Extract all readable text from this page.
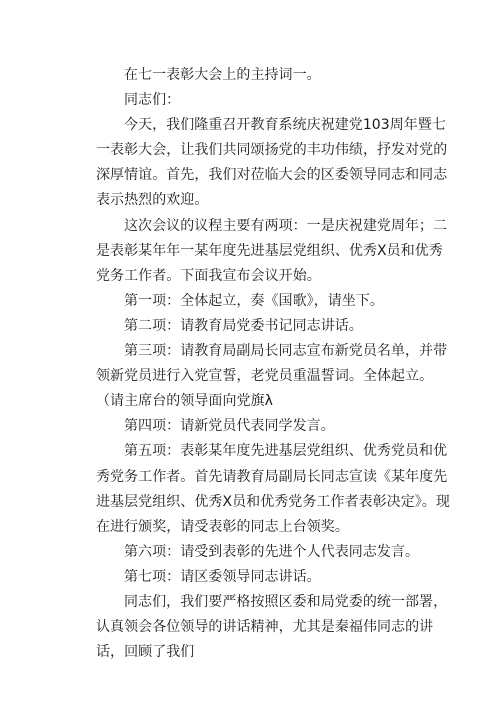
在七一表彰大会上的主持词一。

同志们：

今天，我们隆重召开教育系统庆祝建党103周年暨七一表彰大会，让我们共同颂扬党的丰功伟绩，抒发对党的深厚情谊。首先，我们对莅临大会的区委领导同志和同志表示热烈的欢迎。

这次会议的议程主要有两项：一是庆祝建党周年；二是表彰某年年一某年度先进基层党组织、优秀X员和优秀党务工作者。下面我宣布会议开始。

第一项：全体起立，奏《国歌》，请坐下。

第二项：请教育局党委书记同志讲话。

第三项：请教育局副局长同志宣布新党员名单，并带领新党员进行入党宣誓，老党员重温誓词。全体起立。（请主席台的领导面向党旗λ

第四项：请新党员代表同学发言。

第五项：表彰某年度先进基层党组织、优秀党员和优秀党务工作者。首先请教育局副局长同志宣读《某年度先进基层党组织、优秀X员和优秀党务工作者表彰决定》。现在进行颁奖，请受表彰的同志上台领奖。

第六项：请受到表彰的先进个人代表同志发言。

第七项：请区委领导同志讲话。

同志们，我们要严格按照区委和局党委的统一部署，认真领会各位领导的讲话精神，尤其是秦福伟同志的讲话，回顾了我们
